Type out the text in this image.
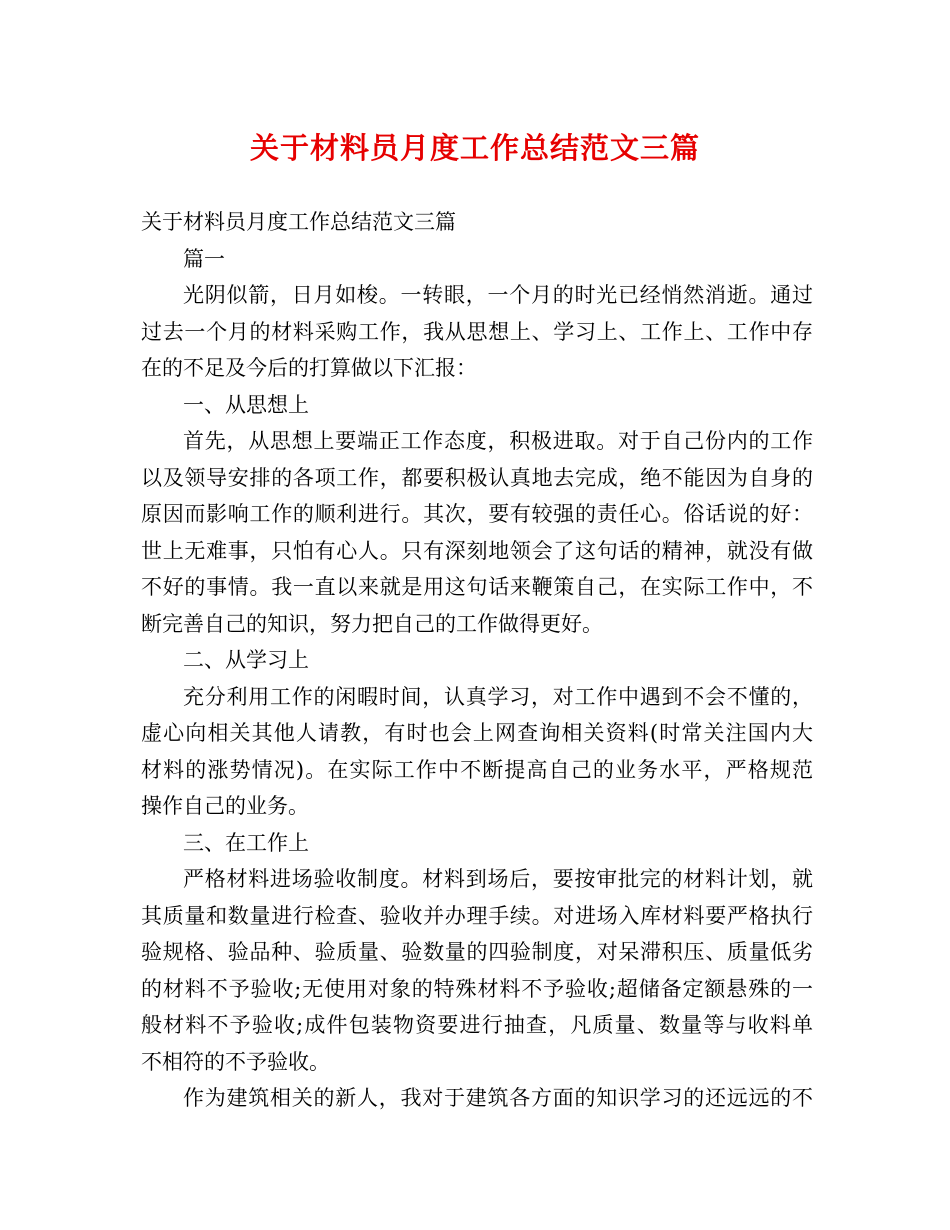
关于材料员月度工作总结范文三篇
关于材料员月度工作总结范文三篇
篇一
光阴似箭，日月如梭。一转眼，一个月的时光已经悄然消逝。通过
过去一个月的材料采购工作，我从思想上、学习上、工作上、工作中存
在的不足及今后的打算做以下汇报：
一、从思想上
首先，从思想上要端正工作态度，积极进取。对于自己份内的工作
以及领导安排的各项工作，都要积极认真地去完成，绝不能因为自身的
原因而影响工作的顺利进行。其次，要有较强的责任心。俗话说的好：
世上无难事，只怕有心人。只有深刻地领会了这句话的精神，就没有做
不好的事情。我一直以来就是用这句话来鞭策自己，在实际工作中，不
断完善自己的知识，努力把自己的工作做得更好。
二、从学习上
充分利用工作的闲暇时间，认真学习，对工作中遇到不会不懂的，
虚心向相关其他人请教，有时也会上网查询相关资料(时常关注国内大
材料的涨势情况)。在实际工作中不断提高自己的业务水平，严格规范
操作自己的业务。
三、在工作上
严格材料进场验收制度。材料到场后，要按审批完的材料计划，就
其质量和数量进行检查、验收并办理手续。对进场入库材料要严格执行
验规格、验品种、验质量、验数量的四验制度，对呆滞积压、质量低劣
的材料不予验收;无使用对象的特殊材料不予验收;超储备定额悬殊的一
般材料不予验收;成件包装物资要进行抽查，凡质量、数量等与收料单
不相符的不予验收。
作为建筑相关的新人，我对于建筑各方面的知识学习的还远远的不
